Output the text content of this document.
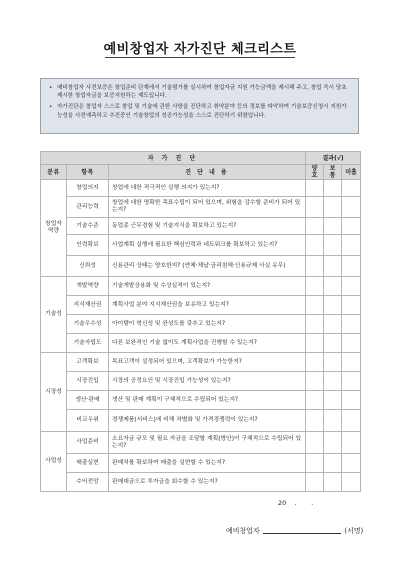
예비창업자 자가진단 체크리스트
• 예비창업자 사전보증은 창업준비 단계에서 기술평가를 실시하여 창업자금 지원 가능금액을 제시해 주고, 창업 즉시 당초 제시한 창업자금을 보증지원하는 제도입니다.
• 자가진단은 창업자 스스로 창업 및 기술에 관한 사항을 진단하고 취약분야 등의 정보를 파악하여 기술보증신청시 지원가능성을 사전예측하고 추진중인 기술창업의 성공가능성을 스스로 진단하기 위함입니다.
자 가 진 단			결과(√)		
분류	항목	진 단 내 용	양호	보통	미흡
창업자 역량	창업의지	창업에 대한 적극적인 실행 의지가 있는지?			
	관리능력	창업에 대한 명확한 목표수립이 되어 있으며, 위험을 감수할 준비가 되어 있는지?			
	기술수준	동업종 근무경험 및 기술지식을 확보하고 있는지?			
	인력확보	사업계획 실행에 필요한 핵심인력과 네트워크를 확보하고 있는지?			
	신뢰성	신용관리 상태는 양호한지? (연체·체납·금리침해·신용규제 사실 유무)			
기술성	개발역량	기술개발상용화 및 수상실적이 있는지?			
	지식재산권	계획사업 분야 지식재산권을 보유하고 있는지?			
	기술우수성	아이템이 혁신성 및 완성도를 갖추고 있는지?			
	기술자립도	다른 보완적인 기술 없이도 계획사업을 진행할 수 있는지?			
시장성	고객확보	목표고객이 설정되어 있으며, 고객확보가 가능한지?			
	시장진입	시장의 공정요인 및 시장진입 가능성이 있는지?			
	생산·판매	생산 및 판매 계획이 구체적으로 수립되어 있는지?			
	비교우위	경쟁제품(서비스)에 비해 차별화 및 가격경쟁력이 있는지?			
사업성	사업준비	소요자금 규모 및 필요 자금을 조달할 계획(방안)이 구체적으로 수립되어 있는지?			
	매출실현	판매처를 확보하여 매출을 실현할 수 있는지?			
	수익전망	판매대금으로 투자금을 회수할 수 있는지?			
20    .       .
예비창업자	(서명)
